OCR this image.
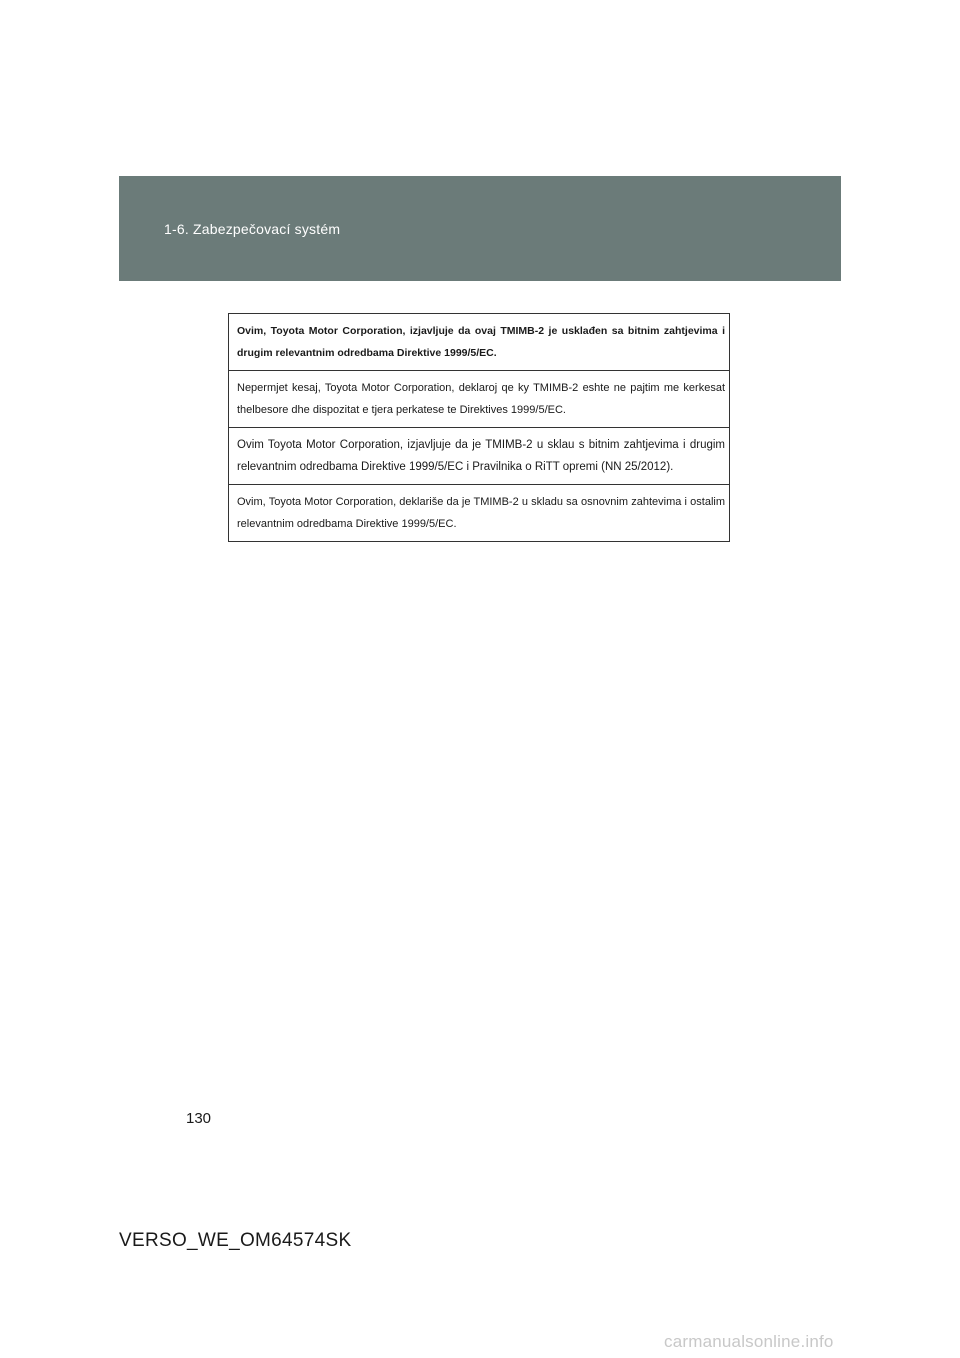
1-6. Zabezpečovací systém
Ovim, Toyota Motor Corporation, izjavljuje da ovaj TMIMB-2 je usklađen sa bitnim zahtjevima i drugim relevantnim odredbama Direktive 1999/5/EC.
Nepermjet kesaj, Toyota Motor Corporation, deklaroj qe ky TMIMB-2 eshte ne pajtim me kerkesat thelbesore dhe dispozitat e tjera perkatese te Direktives 1999/5/EC.
Ovim Toyota Motor Corporation, izjavljuje da je TMIMB-2 u sklau s bitnim zahtjevima i drugim relevantnim odredbama Direktive 1999/5/EC i Pravilnika o RiTT opremi (NN 25/2012).
Ovim, Toyota Motor Corporation, deklariše da je TMIMB-2 u skladu sa osnovnim zahtevima i ostalim relevantnim odredbama Direktive 1999/5/EC.
130
VERSO_WE_OM64574SK
carmanualsonline.info
